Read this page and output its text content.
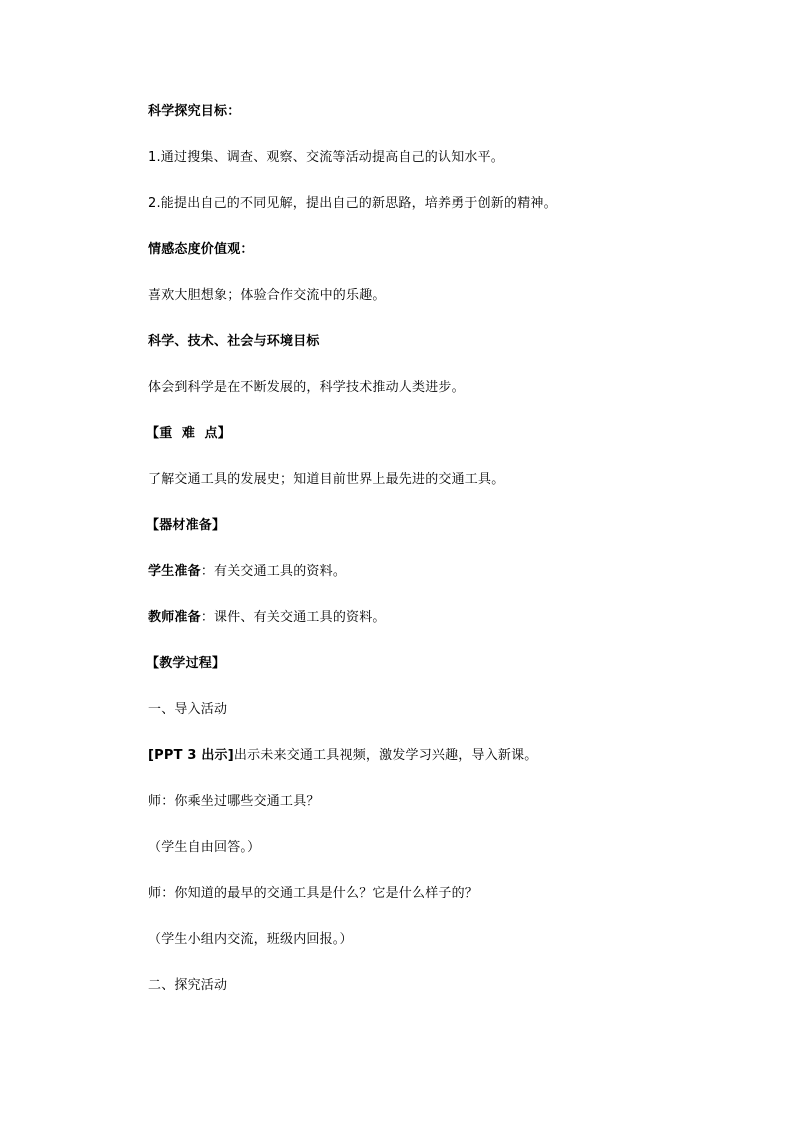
科学探究目标：
1.通过搜集、调查、观察、交流等活动提高自己的认知水平。
2.能提出自己的不同见解，提出自己的新思路，培养勇于创新的精神。
情感态度价值观：
喜欢大胆想象；体验合作交流中的乐趣。
科学、技术、社会与环境目标
体会到科学是在不断发展的，科学技术推动人类进步。
【重  难  点】
了解交通工具的发展史；知道目前世界上最先进的交通工具。
【器材准备】
学生准备：有关交通工具的资料。
教师准备：课件、有关交通工具的资料。
【教学过程】
一、导入活动
[PPT 3 出示]出示未来交通工具视频，激发学习兴趣，导入新课。
师：你乘坐过哪些交通工具？
（学生自由回答。）
师：你知道的最早的交通工具是什么？它是什么样子的？
（学生小组内交流，班级内回报。）
二、探究活动
